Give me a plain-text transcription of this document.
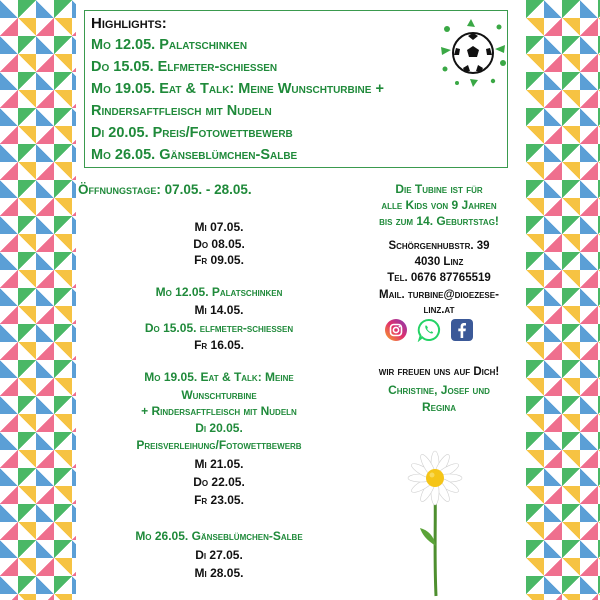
Highlights:
Mo 12.05. Palatschinken
Do 15.05. Elfmeter-schießen
Mo 19.05. Eat & Talk: Meine Wunschturbine +
Rindersaftfleisch mit Nudeln
Di 20.05. Preis/Fotowettbewerb
Mo 26.05. Gänseblümchen-Salbe
Öffnungstage: 07.05. - 28.05.
Mi 07.05.
Do 08.05.
Fr 09.05.
Mo 12.05. Palatschinken
Mi 14.05.
Do 15.05. elfmeter-schießen
Fr 16.05.
Mo 19.05. Eat & Talk: Meine
Wunschturbine
+ Rindersaftfleisch mit Nudeln
Di 20.05.
Preisverleihung/Fotowettbewerb
Mi 21.05.
Do 22.05.
Fr 23.05.
Mo 26.05. Gänseblümchen-Salbe
Di 27.05.
Mi 28.05.
Die Tubine ist für
alle Kids von 9 Jahren
bis zum 14. Geburtstag!
Schörgenhubstr. 39
4030 Linz
Tel. 0676 87765519
Mail. turbine@dioezese-
linz.at
wir freuen uns auf Dich!
Christine, Josef und
Regina
